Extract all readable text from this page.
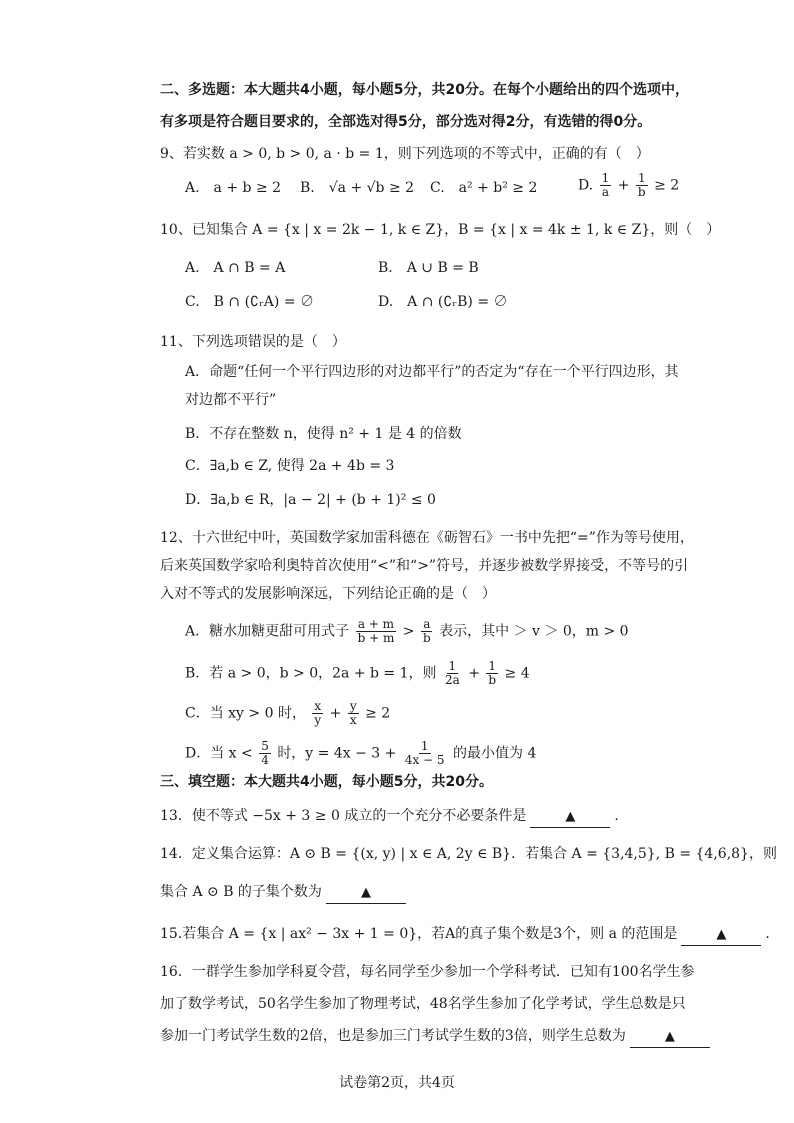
二、多选题：本大题共4小题，每小题5分，共20分。在每个小题给出的四个选项中，
有多项是符合题目要求的，全部选对得5分，部分选对得2分，有选错的得0分。
9、若实数 a > 0, b > 0, a · b = 1，则下列选项的不等式中，正确的有（　）
A.　a + b ≥ 2 B.　√a + √b ≥ 2 C.　a² + b² ≥ 2	D. $\frac{1}{a} + \frac{1}{b} \ge 2$
10、已知集合 A = {x | x = 2k − 1, k ∈ Z}，B = {x | x = 4k ± 1, k ∈ Z}，则（　）
A.　A ∩ B = A	B.　A ∪ B = B
C.　B ∩ (∁ᵣA) = ∅	D.　A ∩ (∁ᵣB) = ∅
11、下列选项错误的是（　）
A．命题“任何一个平行四边形的对边都平行”的否定为“存在一个平行四边形，其
对边都不平行”
B．不存在整数 n，使得 n² + 1 是 4 的倍数
C．∃a,b ∈ Z, 使得 2a + 4b = 3
D．∃a,b ∈ R，|a − 2| + (b + 1)² ≤ 0
12、十六世纪中叶，英国数学家加雷科德在《砺智石》一书中先把“=”作为等号使用，
后来英国数学家哈利奥特首次使用“<”和“>”符号，并逐步被数学界接受，不等号的引
入对不等式的发展影响深远，下列结论正确的是（　）
A．糖水加糖更甜可用式子 $\frac{a + m}{b + m} > \frac{a}{b}$ 表示，其中 ＞ v ＞ 0，m > 0
B．若 a > 0，b > 0，2a + b = 1，则 $\frac{1}{2a} + \frac{1}{b} \ge 4$
C．当 xy > 0 时， $\frac{x}{y} + \frac{y}{x} \ge 2$
D．当 $x < \frac{5}{4}$ 时，$y = 4x - 3 + \frac{1}{4x - 5}$ 的最小值为 4
三、填空题：本大题共4小题，每小题5分，共20分。
13．使不等式 −5x + 3 ≥ 0 成立的一个充分不必要条件是	▲	.
14．定义集合运算：A ⊙ B = {(x, y) | x ∈ A, 2y ∈ B}．若集合 A = {3,4,5}, B = {4,6,8}，则
集合 A ⊙ B 的子集个数为	▲
15.若集合 A = {x | ax² − 3x + 1 = 0}，若A的真子集个数是3个，则 a 的范围是	▲	.
16．一群学生参加学科夏令营，每名同学至少参加一个学科考试．已知有100名学生参
加了数学考试，50名学生参加了物理考试，48名学生参加了化学考试，学生总数是只
参加一门考试学生数的2倍，也是参加三门考试学生数的3倍，则学生总数为	▲
试卷第2页，共4页
